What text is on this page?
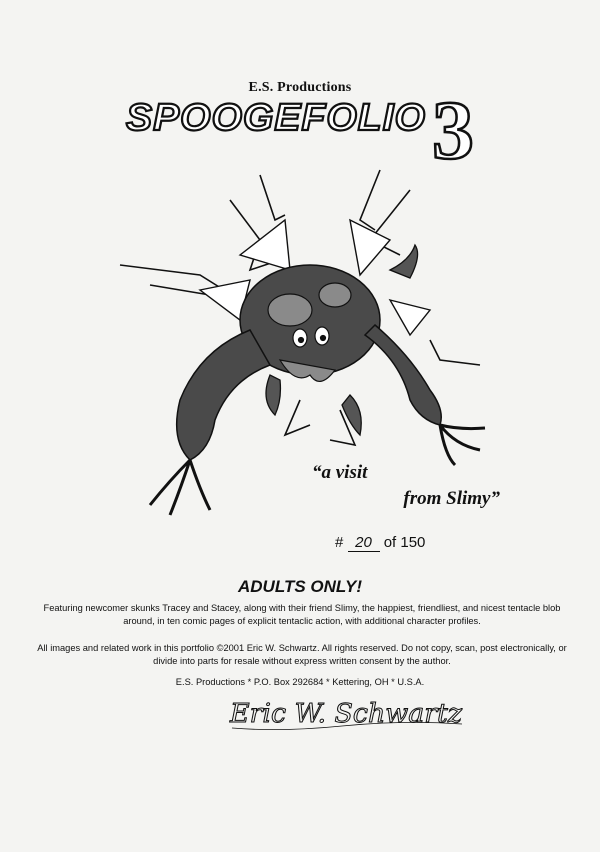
E.S. Productions
SPOOGEFOLIO 3
“a visit
from Slimy”
# 20 of 150
ADULTS ONLY!
Featuring newcomer skunks Tracey and Stacey, along with their friend Slimy, the happiest, friendliest, and nicest tentacle blob around, in ten comic pages of explicit tentaclic action, with additional character profiles.
All images and related work in this portfolio ©2001 Eric W. Schwartz. All rights reserved. Do not copy, scan, post electronically, or divide into parts for resale without express written consent by the author.
E.S. Productions * P.O. Box 292684 * Kettering, OH * U.S.A.
Eric W. Schwartz
